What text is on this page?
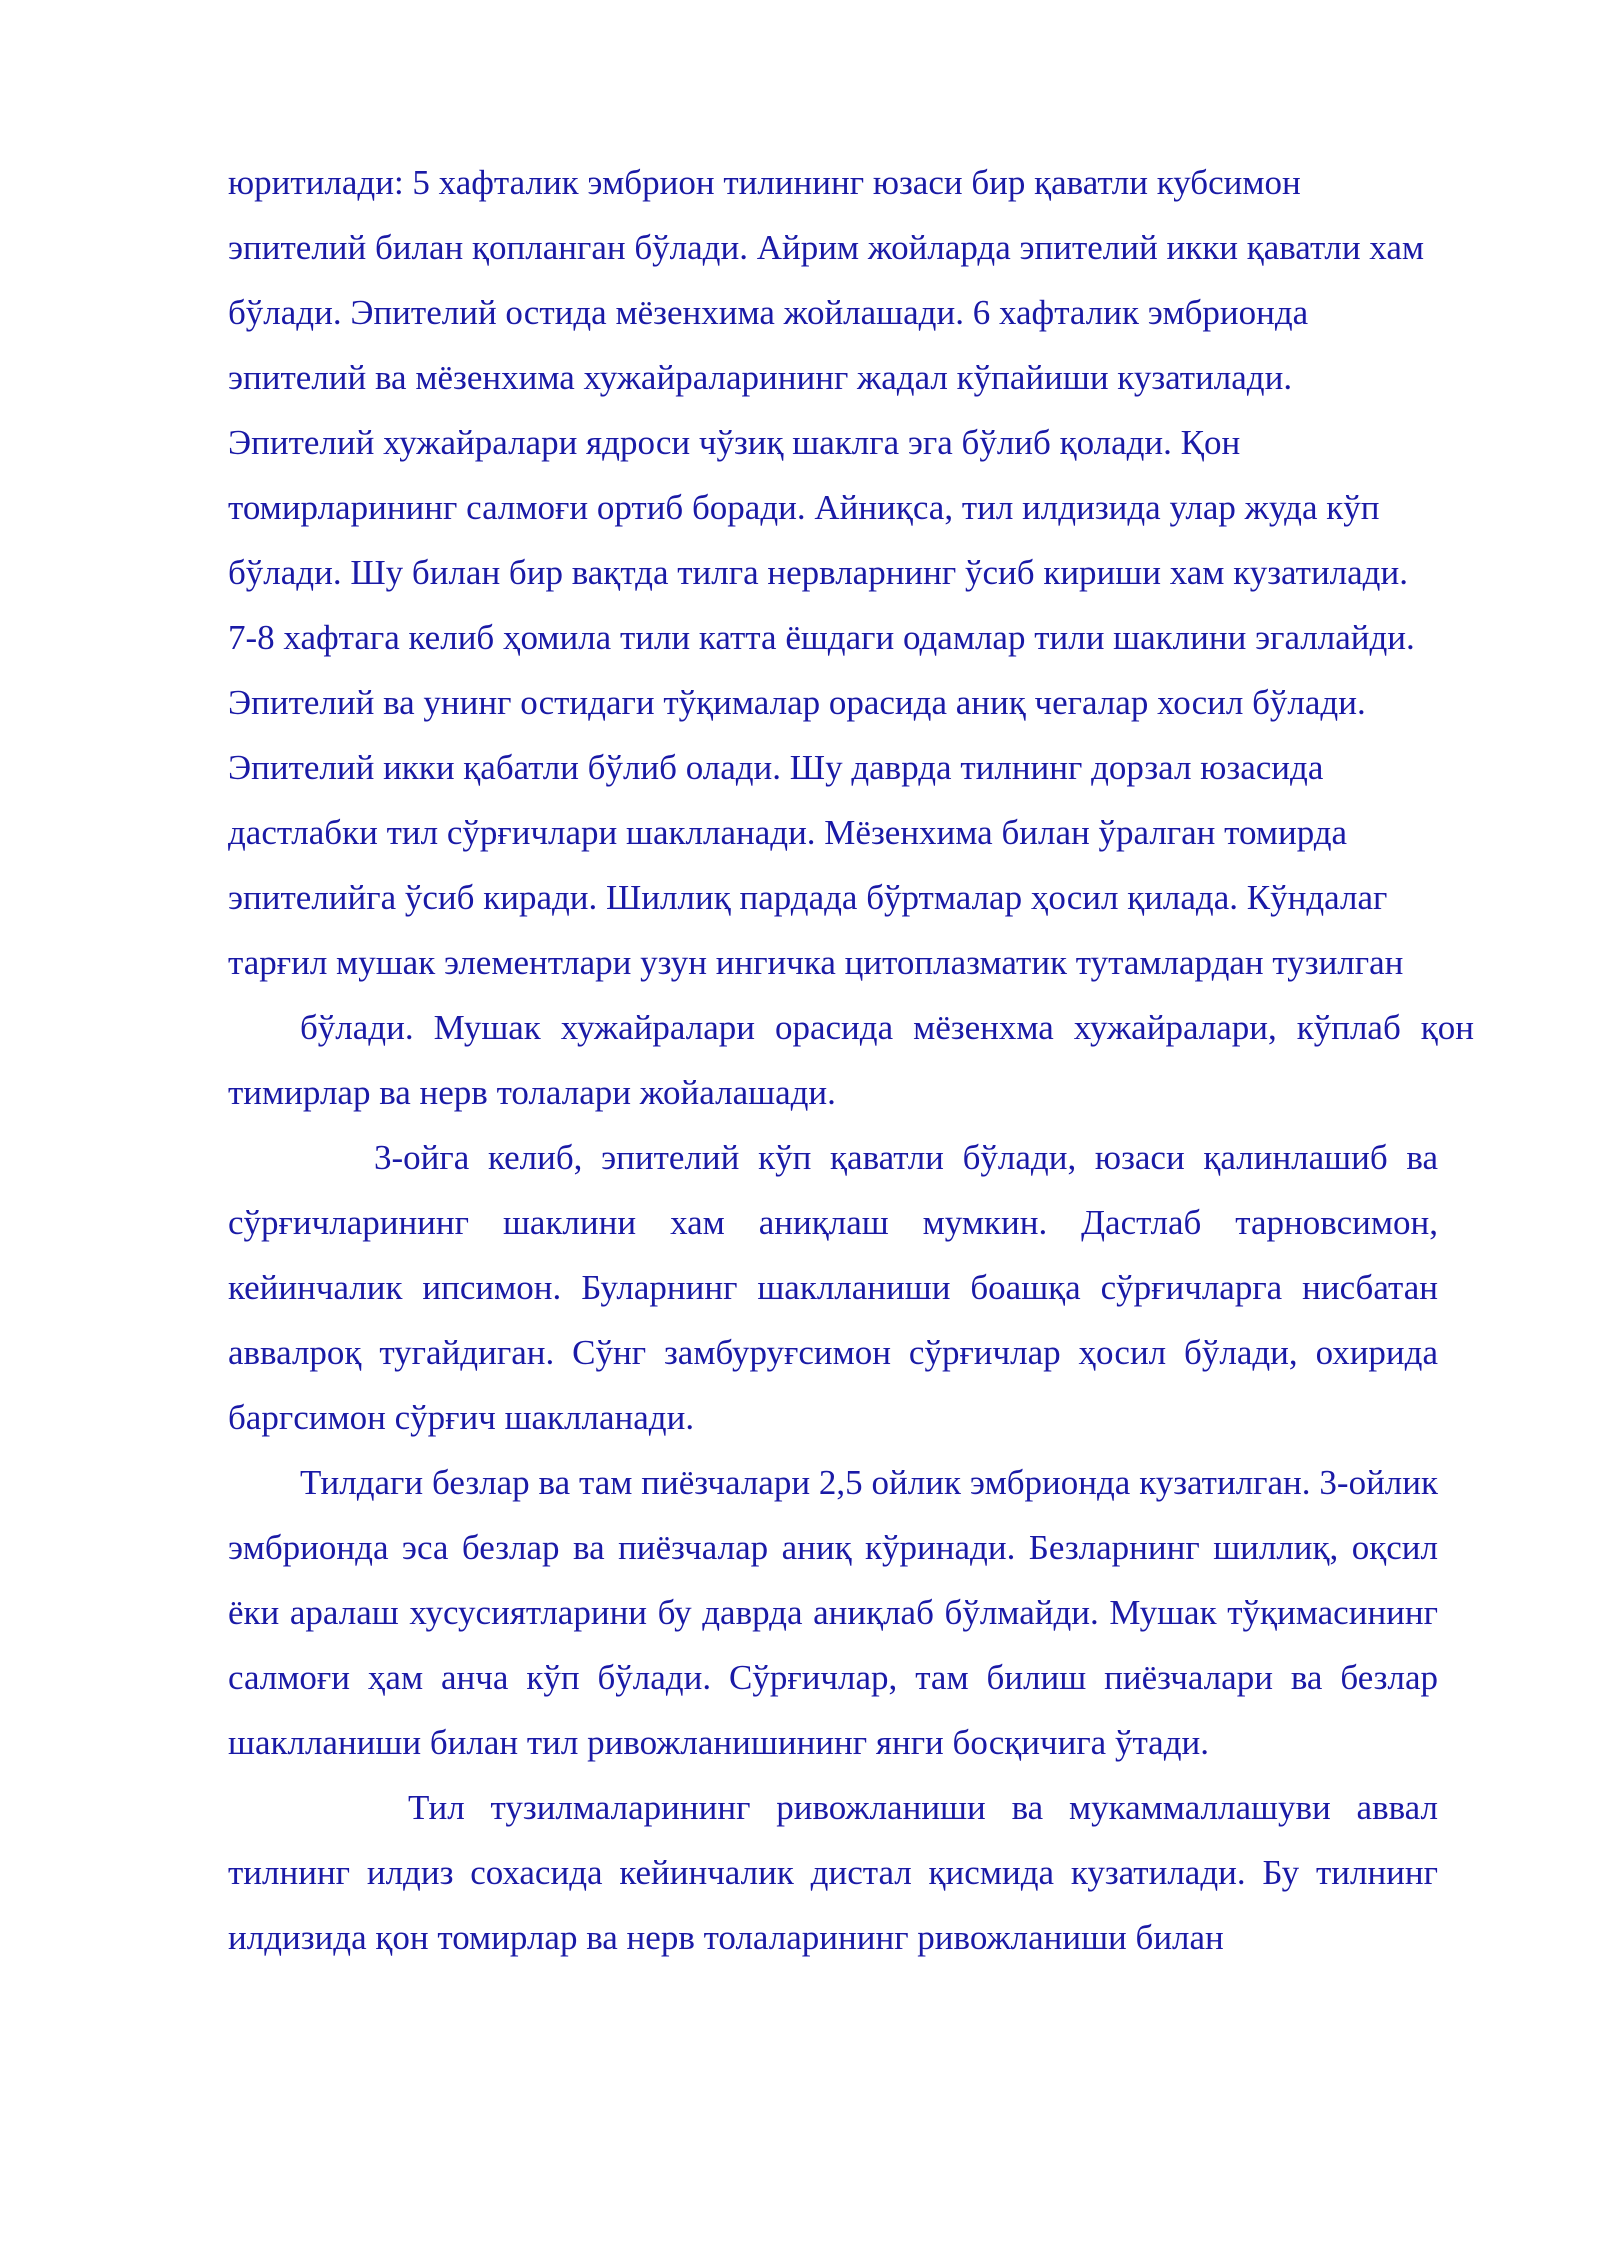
юритилади: 5 хафталик эмбрион тилининг юзаси бир қаватли кубсимон эпителий билан қопланган бўлади. Айрим жойларда эпителий икки қаватли хам бўлади. Эпителий остида мёзенхима жойлашади. 6 хафталик эмбрионда эпителий ва мёзенхима хужайраларининг жадал кўпайиши кузатилади. Эпителий хужайралари ядроси чўзиқ шаклга эга бўлиб қолади. Қон томирларининг салмоғи ортиб боради. Айниқса, тил илдизида улар жуда кўп бўлади. Шу билан бир вақтда тилга нервларнинг ўсиб кириши хам кузатилади. 7-8 хафтага келиб ҳомила тили катта ёшдаги одамлар тили шаклини эгаллайди. Эпителий ва унинг остидаги тўқималар орасида аниқ чегалар хосил бўлади. Эпителий икки қабатли бўлиб олади. Шу даврда тилнинг дорзал юзасида дастлабки тил сўрғичлари шаклланади. Мёзенхима билан ўралган томирда эпителийга ўсиб киради. Шиллиқ пардада бўртмалар ҳосил қилада. Кўндалаг тарғил мушак элементлари узун ингичка цитоплазматик тутамлардан тузилган

бўлади. Мушак хужайралари орасида мёзенхма хужайралари, кўплаб қон тимирлар ва нерв толалари жойалашади.

3-ойга келиб, эпителий кўп қаватли бўлади, юзаси қалинлашиб ва сўрғичларининг шаклини хам аниқлаш мумкин. Дастлаб тарновсимон, кейинчалик ипсимон. Буларнинг шаклланиши боашқа сўрғичларга нисбатан аввалроқ тугайдиган. Сўнг замбуруғсимон сўрғичлар ҳосил бўлади, охирида баргсимон сўрғич шаклланади.

Тилдаги безлар ва там пиёзчалари 2,5 ойлик эмбрионда кузатилган. 3-ойлик эмбрионда эса безлар ва пиёзчалар аниқ кўринади. Безларнинг шиллиқ, оқсил ёки аралаш хусусиятларини бу даврда аниқлаб бўлмайди. Мушак тўқимасининг салмоғи ҳам анча кўп бўлади. Сўрғичлар, там билиш пиёзчалари ва безлар шаклланиши билан тил ривожланишининг янги босқичига ўтади.

Тил тузилмаларининг ривожланиши ва мукаммаллашуви аввал тилнинг илдиз сохасида кейинчалик дистал қисмида кузатилади. Бу тилнинг илдизида қон томирлар ва нерв толаларининг ривожланиши билан
